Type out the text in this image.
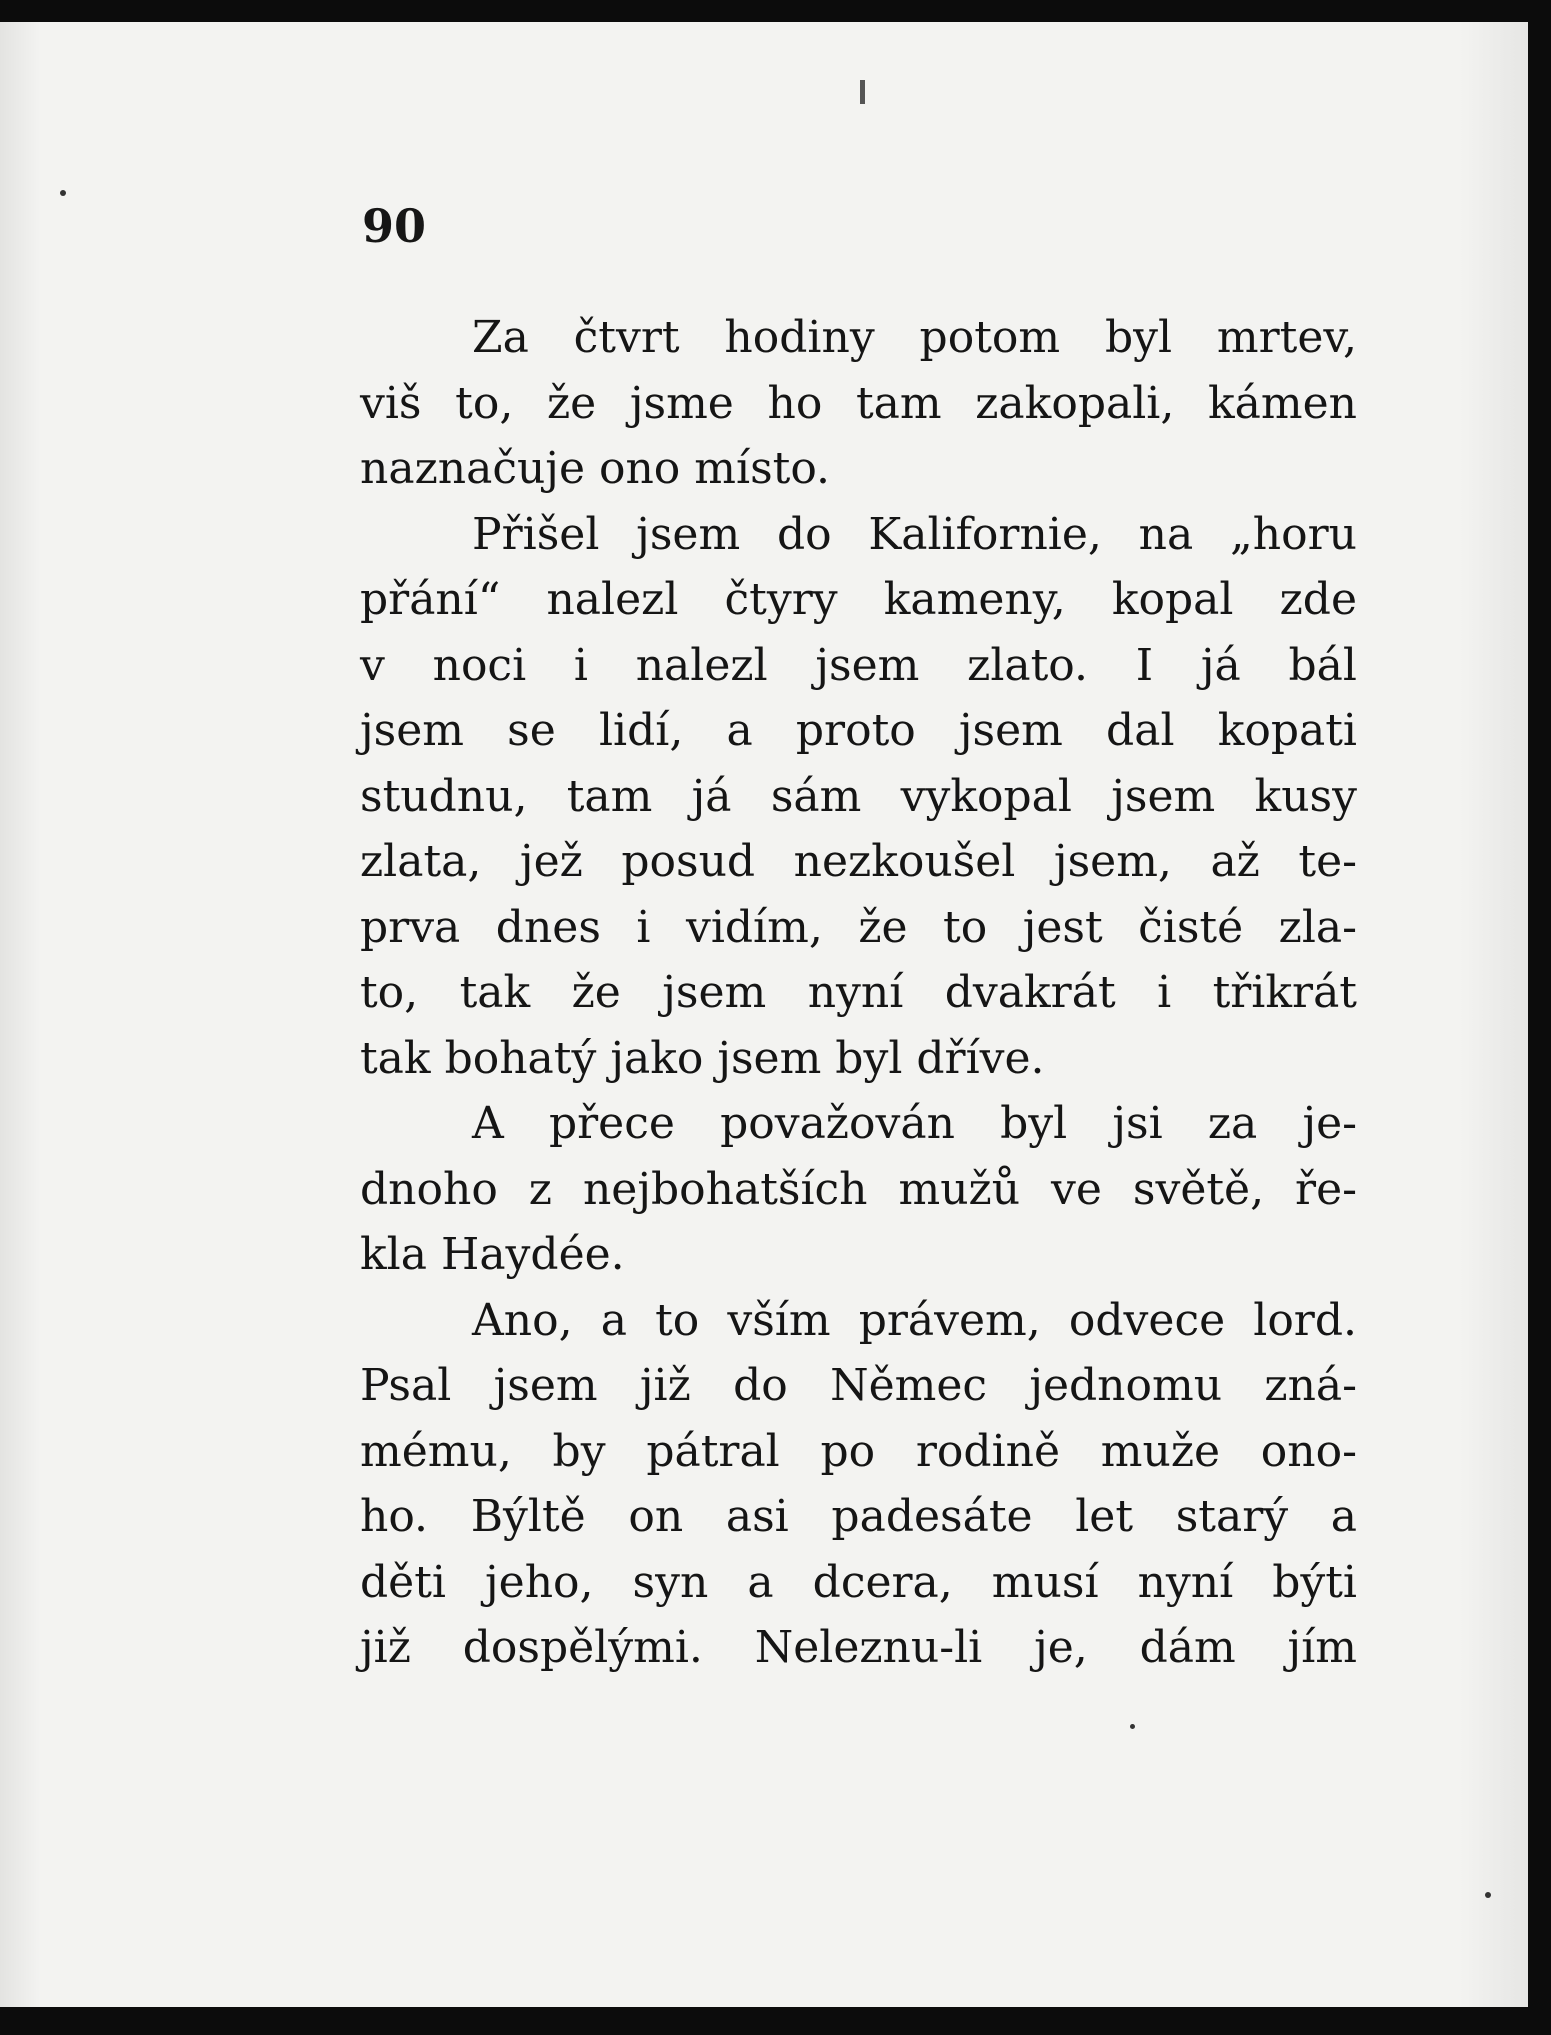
90
Za čtvrt hodiny potom byl mrtev,
viš to, že jsme ho tam zakopali, kámen
naznačuje ono místo.
Přišel jsem do Kalifornie, na „horu
přání“ nalezl čtyry kameny, kopal zde
v noci i nalezl jsem zlato. I já bál
jsem se lidí, a proto jsem dal kopati
studnu, tam já sám vykopal jsem kusy
zlata, jež posud nezkoušel jsem, až te-
prva dnes i vidím, že to jest čisté zla-
to, tak že jsem nyní dvakrát i třikrát
tak bohatý jako jsem byl dříve.
A přece považován byl jsi za je-
dnoho z nejbohatších mužů ve světě, ře-
kla Haydée.
Ano, a to vším právem, odvece lord.
Psal jsem již do Němec jednomu zná-
mému, by pátral po rodině muže ono-
ho. Býltě on asi padesáte let starý a
děti jeho, syn a dcera, musí nyní býti
již dospělými. Neleznu-li je, dám jím
